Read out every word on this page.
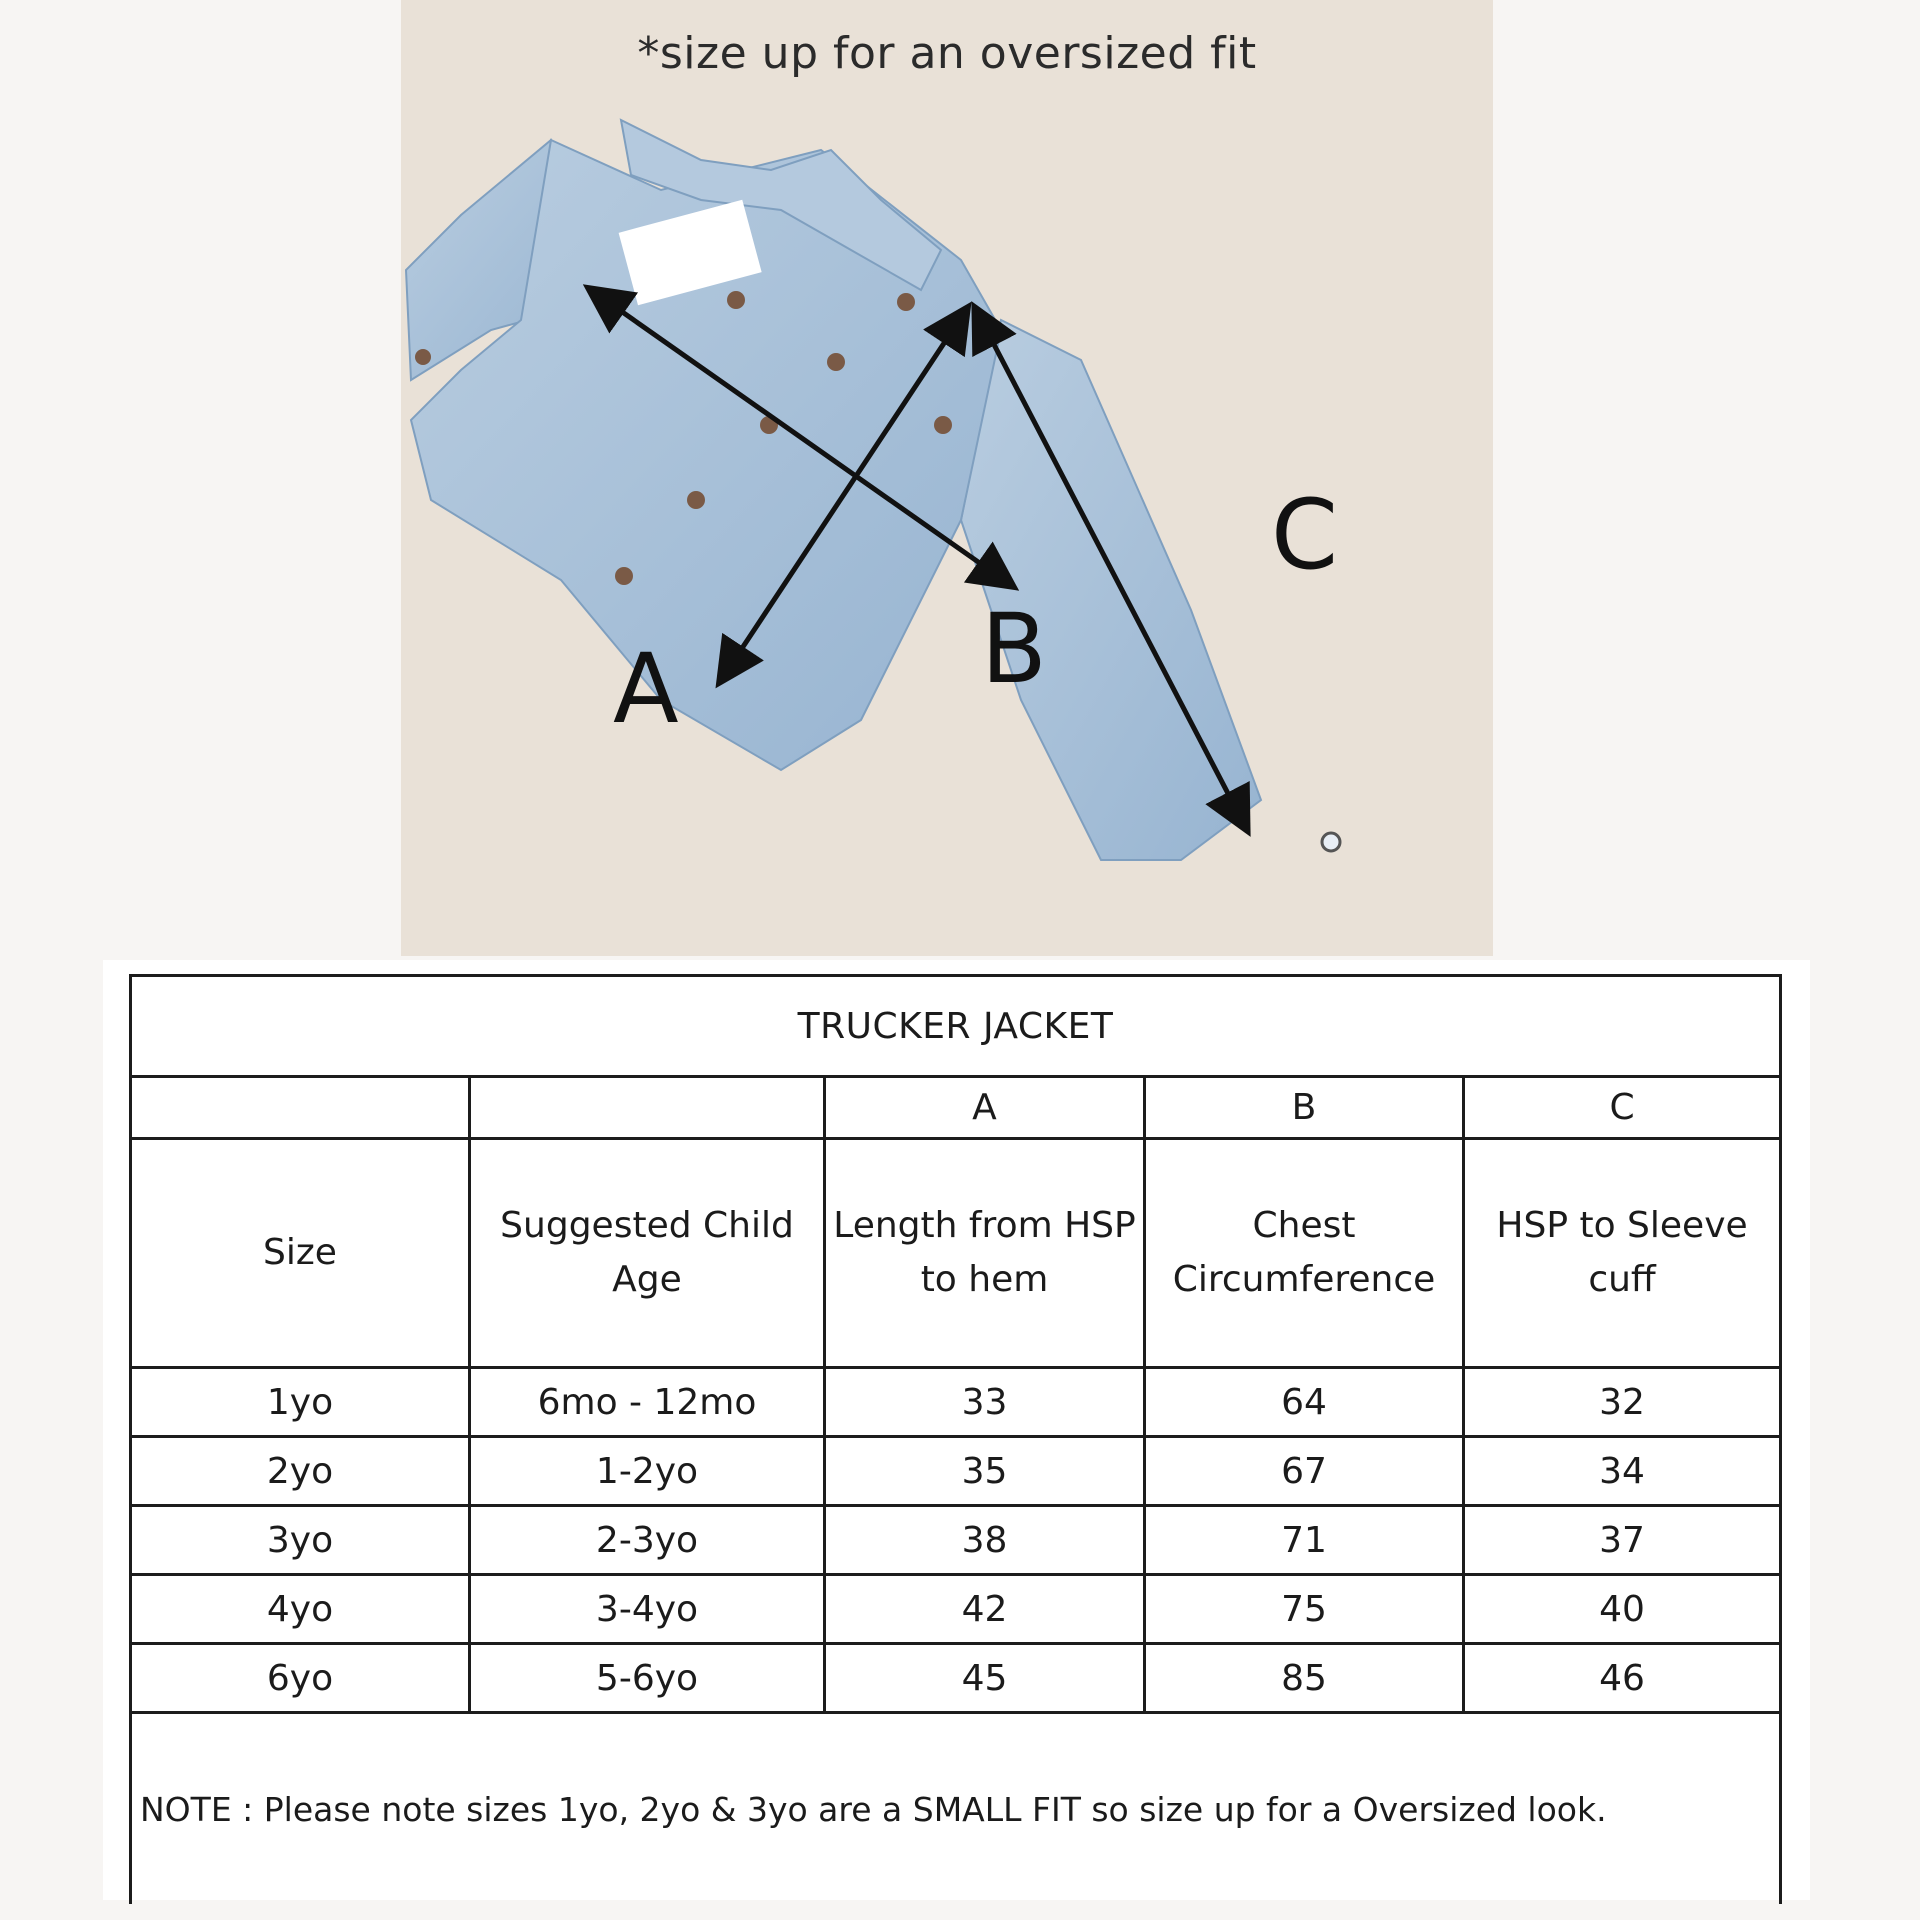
A	B
C
*size up for an oversized fit
TRUCKER JACKET				
		A	B	C
Size	Suggested Child Age	Length from HSP to hem	Chest Circumference	HSP to Sleeve cuff
1yo	6mo - 12mo	33	64	32
2yo	1-2yo	35	67	34
3yo	2-3yo	38	71	37
4yo	3-4yo	42	75	40
6yo	5-6yo	45	85	46
NOTE : Please note sizes 1yo, 2yo & 3yo are a SMALL FIT so size up for a Oversized look.				
